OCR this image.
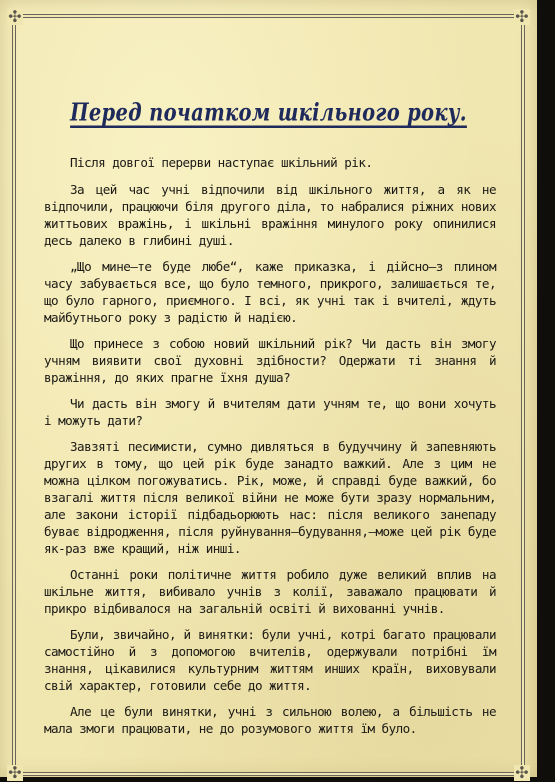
✣	✣
✣	✣
Перед початком шкільного року.

Після довгої перерви наступає шкільний рік.

За цей час учні відпочили від шкільного життя, а як не відпочили, працюючи біля другого діла, то набралися ріжних нових життьових вражінь, і шкільні вражіння минулого року опинилися десь далеко в глибині душі.

„Що мине—те буде любе“, каже приказка, і дійсно—з плином часу забувається все, що було темного, прикрого, залишається те, що було гарного, приємного. І всі, як учні так і вчителі, ждуть майбутнього року з радістю й надією.

Що принесе з собою новий шкільний рік? Чи дасть він змогу учням виявити свої духовні здібности? Одержати ті знання й вражіння, до яких прагне їхня душа?

Чи дасть він змогу й вчителям дати учням те, що вони хочуть і можуть дати?

Завзяті песимисти, сумно дивляться в будуччину й запевняють других в тому, що цей рік буде занадто важкий. Але з цим не можна цілком погожуватись. Рік, може, й справді буде важкий, бо взагалі життя після великої війни не може бути зразу нормальним, але закони історії підбадьорюють нас: після великого занепаду буває відродження, після руйнування—будування,—може цей рік буде як-раз вже кращий, ніж инші.

Останні роки політичне життя робило дуже великий вплив на шкільне життя, вибивало учнів з колії, заважало працювати й прикро відбивалося на загальній освіті й вихованні учнів.

Були, звичайно, й винятки: були учні, котрі багато працювали самостійно й з допомогою вчителів, одержували потрібні їм знання, цікавилися культурним життям инших країн, виховували свій характер, готовили себе до життя.

Але це були винятки, учні з сильною волею, а більшість не мала змоги працювати, не до розумового життя їм було.
